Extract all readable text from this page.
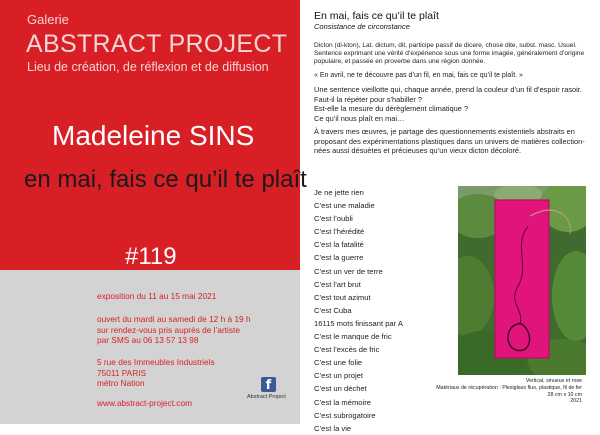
Galerie
ABSTRACT PROJECT
Lieu de création, de réflexion et de diffusion
Madeleine SINS
en mai, fais ce qu’il te plaît
#119
exposition du 11 au 15 mai 2021
ouvert du mardi au samedi de 12 h à 19 h
sur rendez-vous pris auprès de l’artiste
par SMS au 06 13 57 13 98
5 rue des Immeubles Industriels
75011 PARIS
métro Nation
www.abstract-project.com
f
Abstract Project
En mai, fais ce qu’il te plaît
Consistance de circonstance
Dicton (di-kton), Lat. dictum, dit, participe passif de dicere, chose dite, subst. masc. Usuel.
Sentence exprimant une vérité d’expérience sous une forme imagée, généralement d’origine
populaire, et passée en proverbe dans une région donnée.
« En avril, ne te découvre pas d’un fil, en mai, fais ce qu’il te plaît. »
Une sentence vieillotte qui, chaque année, prend la couleur d’un fil d’espoir rasoir.
Faut-il la répéter pour s’habiller ?
Est-elle la mesure du dérèglement climatique ?
Ce qu’il nous plaît en mai…
À travers mes œuvres, je partage des questionnements existentiels abstraits en
proposant des expérimentations plastiques dans un univers de matières collection-
nées aussi désuètes et précieuses qu’un vieux dicton décoloré.
Je ne jette rien
C’est une maladie
C’est l’oubli
C’est l’hérédité
C’est la fatalité
C’est la guerre
C’est un ver de terre
C’est l’art brut
C’est tout azimut
C’est Cuba
16115 mots finissant par A
C’est le manque de fric
C’est l’excès de fric
C’est une folie
C’est un projet
C’est un déchet
C’est la mémoire
C’est subrogatoire
C’est la vie
Vertical, sinueux et rose
Matériaux de récupération : Plexiglass fluo, plastique, fil de fer
28 cm x 10 cm
2021
